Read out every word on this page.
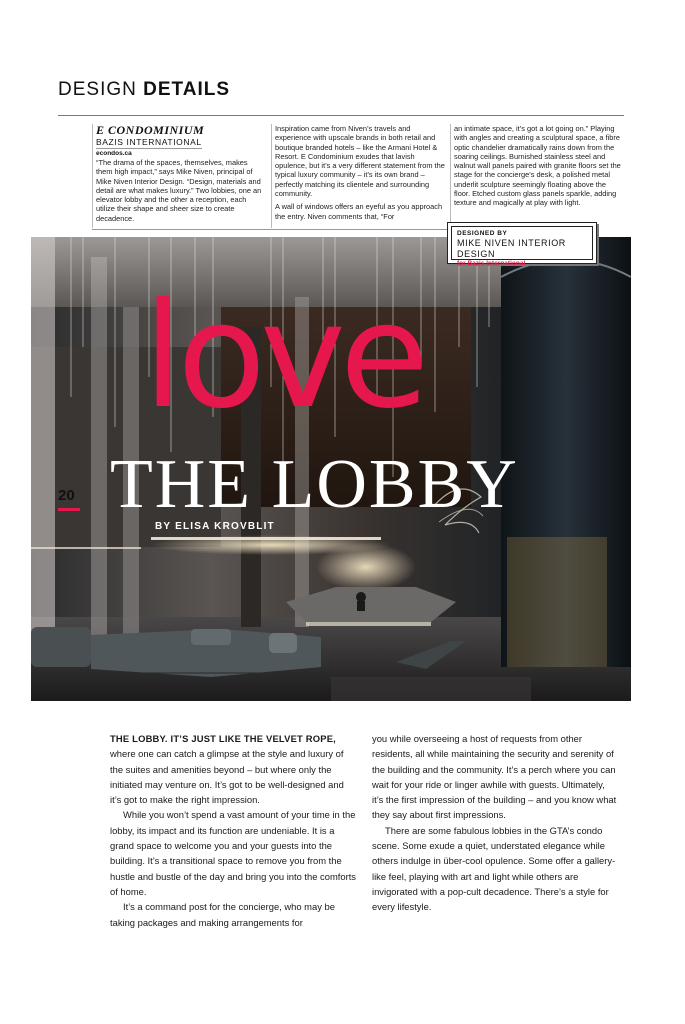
DESIGN DETAILS
E CONDOMINIUM
BAZIS INTERNATIONAL
econdos.ca

“The drama of the spaces, themselves, makes them high impact,” says Mike Niven, principal of Mike Niven Interior Design. “Design, materials and detail are what makes luxury.” Two lobbies, one an elevator lobby and the other a reception, each utilize their shape and sheer size to create decadence.

Inspiration came from Niven’s travels and experience with upscale brands in both retail and boutique branded hotels – like the Armani Hotel & Resort. E Condominium exudes that lavish opulence, but it’s a very different statement from the typical luxury community – it’s its own brand – perfectly matching its clientele and surrounding community.

A wall of windows offers an eyeful as you approach the entry. Niven comments that, “For

an intimate space, it’s got a lot going on.” Playing with angles and creating a sculptural space, a fibre optic chandelier dramatically rains down from the soaring ceilings. Burnished stainless steel and walnut wall panels paired with granite floors set the stage for the concierge’s desk, a polished metal underlit sculpture seemingly floating above the floor. Etched custom glass panels sparkle, adding texture and magically at play with light.

DESIGNED BY
MIKE NIVEN INTERIOR DESIGN
for Bazis International
love
THE LOBBY
BY ELISA KROVBLIT
20

THE LOBBY. IT’S JUST LIKE THE VELVET ROPE, where one can catch a glimpse at the style and luxury of the suites and amenities beyond – but where only the initiated may venture on. It’s got to be well-designed and it’s got to make the right impression.

While you won’t spend a vast amount of your time in the lobby, its impact and its function are undeniable. It is a grand space to welcome you and your guests into the building. It’s a transitional space to remove you from the hustle and bustle of the day and bring you into the comforts of home.

It’s a command post for the concierge, who may be taking packages and making arrangements for

you while overseeing a host of requests from other residents, all while maintaining the security and serenity of the building and the community. It’s a perch where you can wait for your ride or linger awhile with guests. Ultimately, it’s the first impression of the building – and you know what they say about first impressions.

There are some fabulous lobbies in the GTA’s condo scene. Some exude a quiet, understated elegance while others indulge in über-cool opulence. Some offer a gallery-like feel, playing with art and light while others are invigorated with a pop-cult decadence. There’s a style for every lifestyle.
